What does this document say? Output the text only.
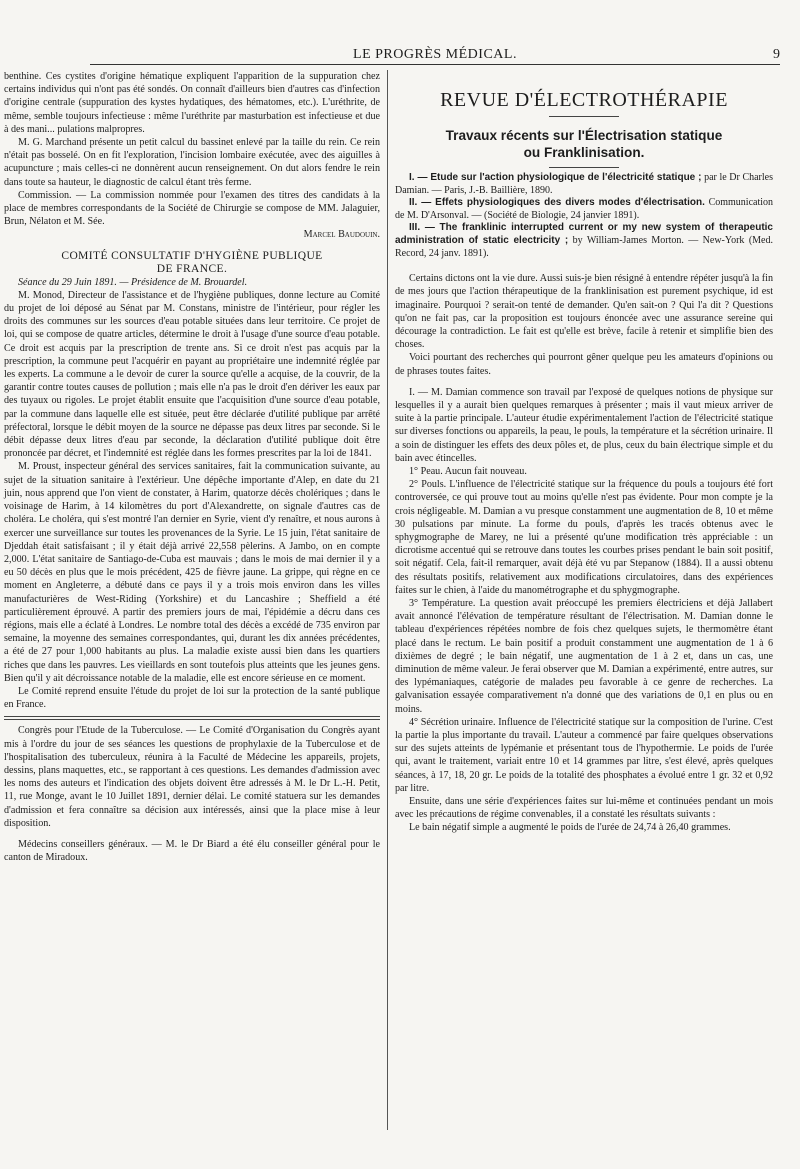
LE PROGRÈS MÉDICAL.	9

benthine. Ces cystites d'origine hématique expliquent l'apparition de la suppuration chez certains individus qui n'ont pas été sondés. On connaît d'ailleurs bien d'autres cas d'infection d'origine centrale (suppuration des kystes hydatiques, des hématomes, etc.). L'uréthrite, de même, semble toujours infectieuse : même l'uréthrite par masturbation est infectieuse et due à des mani... pulations malpropres.

M. G. Marchand présente un petit calcul du bassinet enlevé par la taille du rein. Ce rein n'était pas bosselé. On en fit l'exploration, l'incision lombaire exécutée, avec des aiguilles à acupuncture ; mais celles-ci ne donnèrent aucun renseignement. On dut alors fendre le rein dans toute sa hauteur, le diagnostic de calcul étant très ferme.

Commission. — La commission nommée pour l'examen des titres des candidats à la place de membres correspondants de la Société de Chirurgie se compose de MM. Jalaguier, Brun, Nélaton et M. Sée.

Marcel Baudouin.

COMITÉ CONSULTATIF D'HYGIÈNE PUBLIQUE

DE FRANCE.

Séance du 29 Juin 1891. — Présidence de M. Brouardel.

M. Monod, Directeur de l'assistance et de l'hygiène publiques, donne lecture au Comité du projet de loi déposé au Sénat par M. Constans, ministre de l'intérieur, pour régler les droits des communes sur les sources d'eau potable situées dans leur territoire. Ce projet de loi, qui se compose de quatre articles, détermine le droit à l'usage d'une source d'eau potable. Ce droit est acquis par la prescription de trente ans. Si ce droit n'est pas acquis par la prescription, la commune peut l'acquérir en payant au propriétaire une indemnité réglée par les experts. La commune a le devoir de curer la source qu'elle a acquise, de la couvrir, de la garantir contre toutes causes de pollution ; mais elle n'a pas le droit d'en dériver les eaux par des tuyaux ou rigoles. Le projet établit ensuite que l'acquisition d'une source d'eau potable, par la commune dans laquelle elle est située, peut être déclarée d'utilité publique par arrêté préfectoral, lorsque le débit moyen de la source ne dépasse pas deux litres par seconde. Si le débit dépasse deux litres d'eau par seconde, la déclaration d'utilité publique doit être prononcée par décret, et l'indemnité est réglée dans les formes prescrites par la loi de 1841.

M. Proust, inspecteur général des services sanitaires, fait la communication suivante, au sujet de la situation sanitaire à l'extérieur. Une dépêche importante d'Alep, en date du 21 juin, nous apprend que l'on vient de constater, à Harim, quatorze décès cholériques ; dans le voisinage de Harim, à 14 kilomètres du port d'Alexandrette, on signale d'autres cas de choléra. Le choléra, qui s'est montré l'an dernier en Syrie, vient d'y renaître, et nous aurons à exercer une surveillance sur toutes les provenances de la Syrie. Le 15 juin, l'état sanitaire de Djeddah était satisfaisant ; il y était déjà arrivé 22,558 pèlerins. A Jambo, on en compte 2,000. L'état sanitaire de Santiago-de-Cuba est mauvais ; dans le mois de mai dernier il y a eu 50 décès en plus que le mois précédent, 425 de fièvre jaune. La grippe, qui règne en ce moment en Angleterre, a débuté dans ce pays il y a trois mois environ dans les villes manufacturières de West-Riding (Yorkshire) et du Lancashire ; Sheffield a été particulièrement éprouvé. A partir des premiers jours de mai, l'épidémie a décru dans ces régions, mais elle a éclaté à Londres. Le nombre total des décès a excédé de 735 environ par semaine, la moyenne des semaines correspondantes, qui, durant les dix années précédentes, a été de 27 pour 1,000 habitants au plus. La maladie existe aussi bien dans les quartiers riches que dans les pauvres. Les vieillards en sont toutefois plus atteints que les jeunes gens. Bien qu'il y ait décroissance notable de la maladie, elle est encore sérieuse en ce moment.

Le Comité reprend ensuite l'étude du projet de loi sur la protection de la santé publique en France.

Congrès pour l'Etude de la Tuberculose. — Le Comité d'Organisation du Congrès ayant mis à l'ordre du jour de ses séances les questions de prophylaxie de la Tuberculose et de l'hospitalisation des tuberculeux, réunira à la Faculté de Médecine les appareils, projets, dessins, plans maquettes, etc., se rapportant à ces questions. Les demandes d'admission avec les noms des auteurs et l'indication des objets doivent être adressés à M. le Dr L.-H. Petit, 11, rue Monge, avant le 10 Juillet 1891, dernier délai. Le comité statuera sur les demandes d'admission et fera connaître sa décision aux intéressés, ainsi que la place mise à leur disposition.

Médecins conseillers généraux. — M. le Dr Biard a été élu conseiller général pour le canton de Miradoux.

REVUE D'ÉLECTROTHÉRAPIE
Travaux récents sur l'Électrisation statique
ou Franklinisation.

I. — Etude sur l'action physiologique de l'électricité statique ; par le Dr Charles Damian. — Paris, J.-B. Baillière, 1890.

II. — Effets physiologiques des divers modes d'électrisation. Communication de M. D'Arsonval. — (Société de Biologie, 24 janvier 1891).

III. — The franklinic interrupted current or my new system of therapeutic administration of static electricity ; by William-James Morton. — New-York (Med. Record, 24 janv. 1891).

Certains dictons ont la vie dure. Aussi suis-je bien résigné à entendre répéter jusqu'à la fin de mes jours que l'action thérapeutique de la franklinisation est purement psychique, id est imaginaire. Pourquoi ? serait-on tenté de demander. Qu'en sait-on ? Qui l'a dit ? Questions qu'on ne fait pas, car la proposition est toujours énoncée avec une assurance sereine qui décourage la contradiction. Le fait est qu'elle est brève, facile à retenir et simplifie bien des choses.

Voici pourtant des recherches qui pourront gêner quelque peu les amateurs d'opinions ou de phrases toutes faites.

I. — M. Damian commence son travail par l'exposé de quelques notions de physique sur lesquelles il y a aurait bien quelques remarques à présenter ; mais il vaut mieux arriver de suite à la partie principale. L'auteur étudie expérimentalement l'action de l'électricité statique sur diverses fonctions ou appareils, la peau, le pouls, la température et la sécrétion urinaire. Il a soin de distinguer les effets des deux pôles et, de plus, ceux du bain électrique simple et du bain avec étincelles.

1° Peau. Aucun fait nouveau.

2° Pouls. L'influence de l'électricité statique sur la fréquence du pouls a toujours été fort controversée, ce qui prouve tout au moins qu'elle n'est pas évidente. Pour mon compte je la crois négligeable. M. Damian a vu presque constamment une augmentation de 8, 10 et même 30 pulsations par minute. La forme du pouls, d'après les tracés obtenus avec le sphygmographe de Marey, ne lui a présenté qu'une modification très appréciable : un dicrotisme accentué qui se retrouve dans toutes les courbes prises pendant le bain soit positif, soit négatif. Cela, fait-il remarquer, avait déjà été vu par Stepanow (1884). Il a aussi obtenu des résultats positifs, relativement aux modifications circulatoires, dans des expériences faites sur le chien, à l'aide du manométrographe et du sphygmographe.

3° Température. La question avait préoccupé les premiers électriciens et déjà Jallabert avait annoncé l'élévation de température résultant de l'électrisation. M. Damian donne le tableau d'expériences répétées nombre de fois chez quelques sujets, le thermomètre étant placé dans le rectum. Le bain positif a produit constamment une augmentation de 1 à 6 dixièmes de degré ; le bain négatif, une augmentation de 1 à 2 et, dans un cas, une diminution de même valeur. Je ferai observer que M. Damian a expérimenté, entre autres, sur des lypémaniaques, catégorie de malades peu favorable à ce genre de recherches. La galvanisation essayée comparativement n'a donné que des variations de 0,1 en plus ou en moins.

4° Sécrétion urinaire. Influence de l'électricité statique sur la composition de l'urine. C'est la partie la plus importante du travail. L'auteur a commencé par faire quelques observations sur des sujets atteints de lypémanie et présentant tous de l'hypothermie. Le poids de l'urée qui, avant le traitement, variait entre 10 et 14 grammes par litre, s'est élevé, après quelques séances, à 17, 18, 20 gr. Le poids de la totalité des phosphates a évolué entre 1 gr. 32 et 0,92 par litre.

Ensuite, dans une série d'expériences faites sur lui-même et continuées pendant un mois avec les précautions de régime convenables, il a constaté les résultats suivants :

Le bain négatif simple a augmenté le poids de l'urée de 24,74 à 26,40 grammes.
